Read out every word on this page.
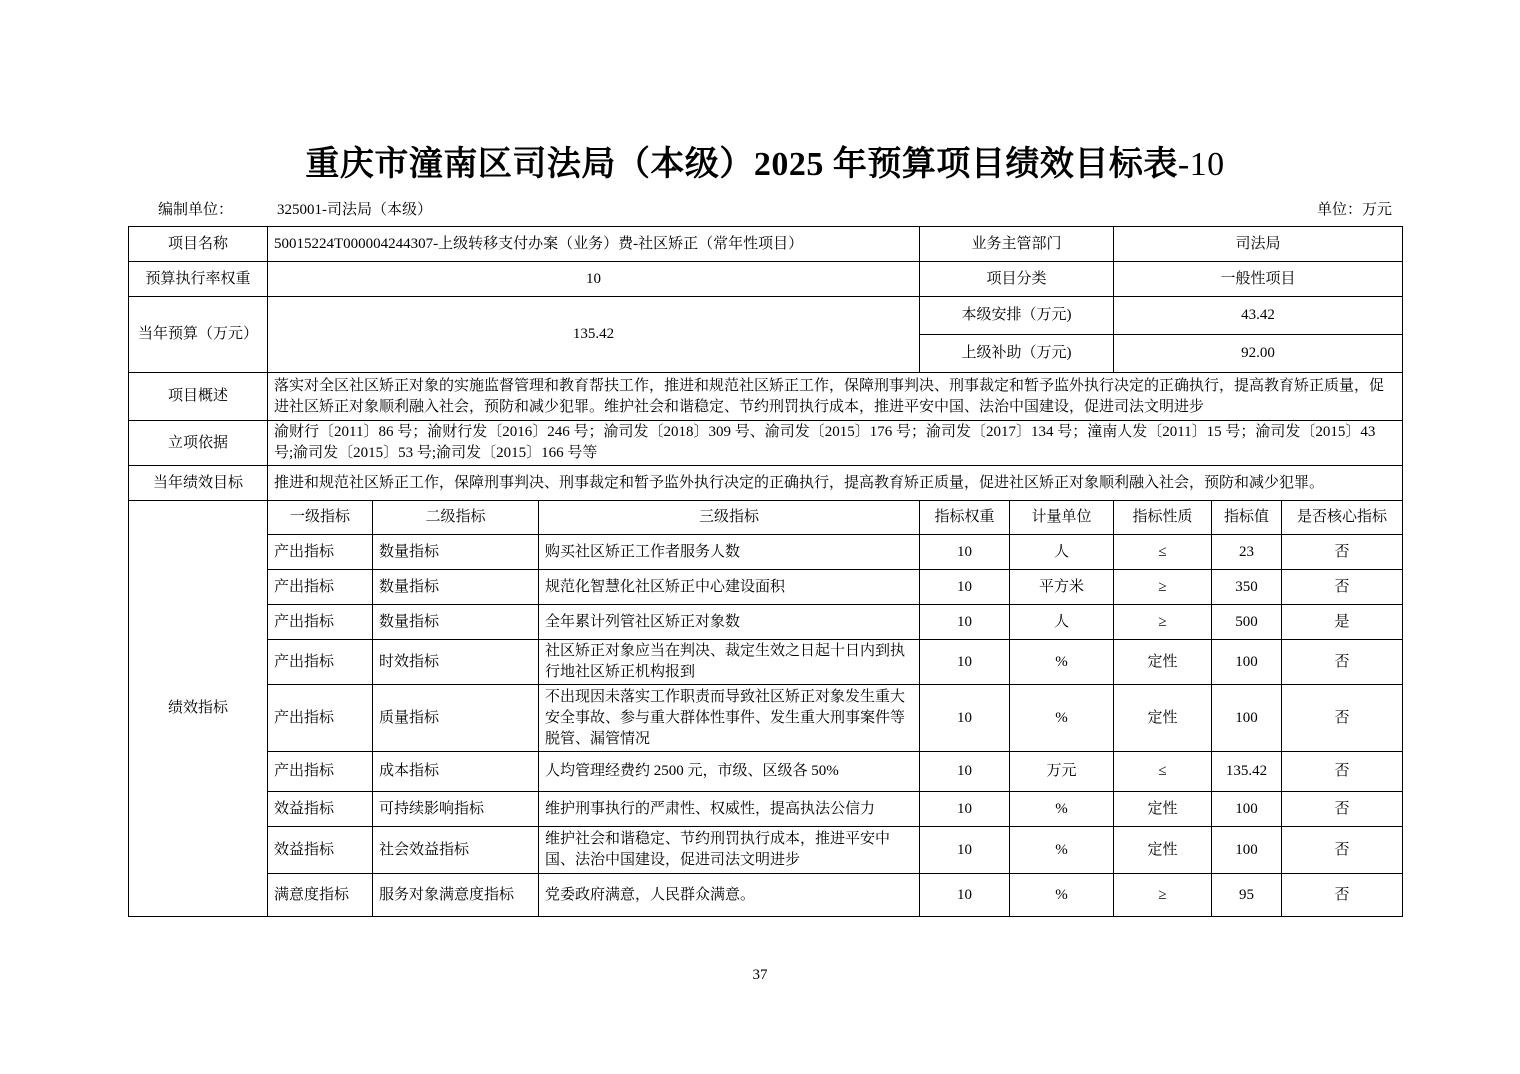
重庆市潼南区司法局（本级）2025 年预算项目绩效目标表-10
编制单位：	325001-司法局（本级）	单位：万元
项目名称	50015224T000004244307-上级转移支付办案（业务）费-社区矫正（常年性项目）			业务主管部门		司法局		
预算执行率权重	10			项目分类		一般性项目		
当年预算（万元）	135.42			本级安排（万元)		43.42		
				上级补助（万元)		92.00		
项目概述	落实对全区社区矫正对象的实施监督管理和教育帮扶工作，推进和规范社区矫正工作，保障刑事判决、刑事裁定和暂予监外执行决定的正确执行，提高教育矫正质量，促进社区矫正对象顺利融入社会，预防和减少犯罪。维护社会和谐稳定、节约刑罚执行成本，推进平安中国、法治中国建设，促进司法文明进步							
立项依据	渝财行〔2011〕86 号；渝财行发〔2016〕246 号；渝司发〔2018〕309 号、渝司发〔2015〕176 号；渝司发〔2017〕134 号；潼南人发〔2011〕15 号；渝司发〔2015〕43 号;渝司发〔2015〕53 号;渝司发〔2015〕166 号等							
当年绩效目标	推进和规范社区矫正工作，保障刑事判决、刑事裁定和暂予监外执行决定的正确执行，提高教育矫正质量，促进社区矫正对象顺利融入社会，预防和减少犯罪。							
绩效指标	一级指标	二级指标	三级指标	指标权重	计量单位	指标性质	指标值	是否核心指标
	产出指标	数量指标	购买社区矫正工作者服务人数	10	人	≤	23	否
	产出指标	数量指标	规范化智慧化社区矫正中心建设面积	10	平方米	≥	350	否
	产出指标	数量指标	全年累计列管社区矫正对象数	10	人	≥	500	是
	产出指标	时效指标	社区矫正对象应当在判决、裁定生效之日起十日内到执行地社区矫正机构报到	10	%	定性	100	否
	产出指标	质量指标	不出现因未落实工作职责而导致社区矫正对象发生重大安全事故、参与重大群体性事件、发生重大刑事案件等脱管、漏管情况	10	%	定性	100	否
	产出指标	成本指标	人均管理经费约 2500 元，市级、区级各 50%	10	万元	≤	135.42	否
	效益指标	可持续影响指标	维护刑事执行的严肃性、权威性，提高执法公信力	10	%	定性	100	否
	效益指标	社会效益指标	维护社会和谐稳定、节约刑罚执行成本，推进平安中国、法治中国建设，促进司法文明进步	10	%	定性	100	否
	满意度指标	服务对象满意度指标	党委政府满意，人民群众满意。	10	%	≥	95	否
37
